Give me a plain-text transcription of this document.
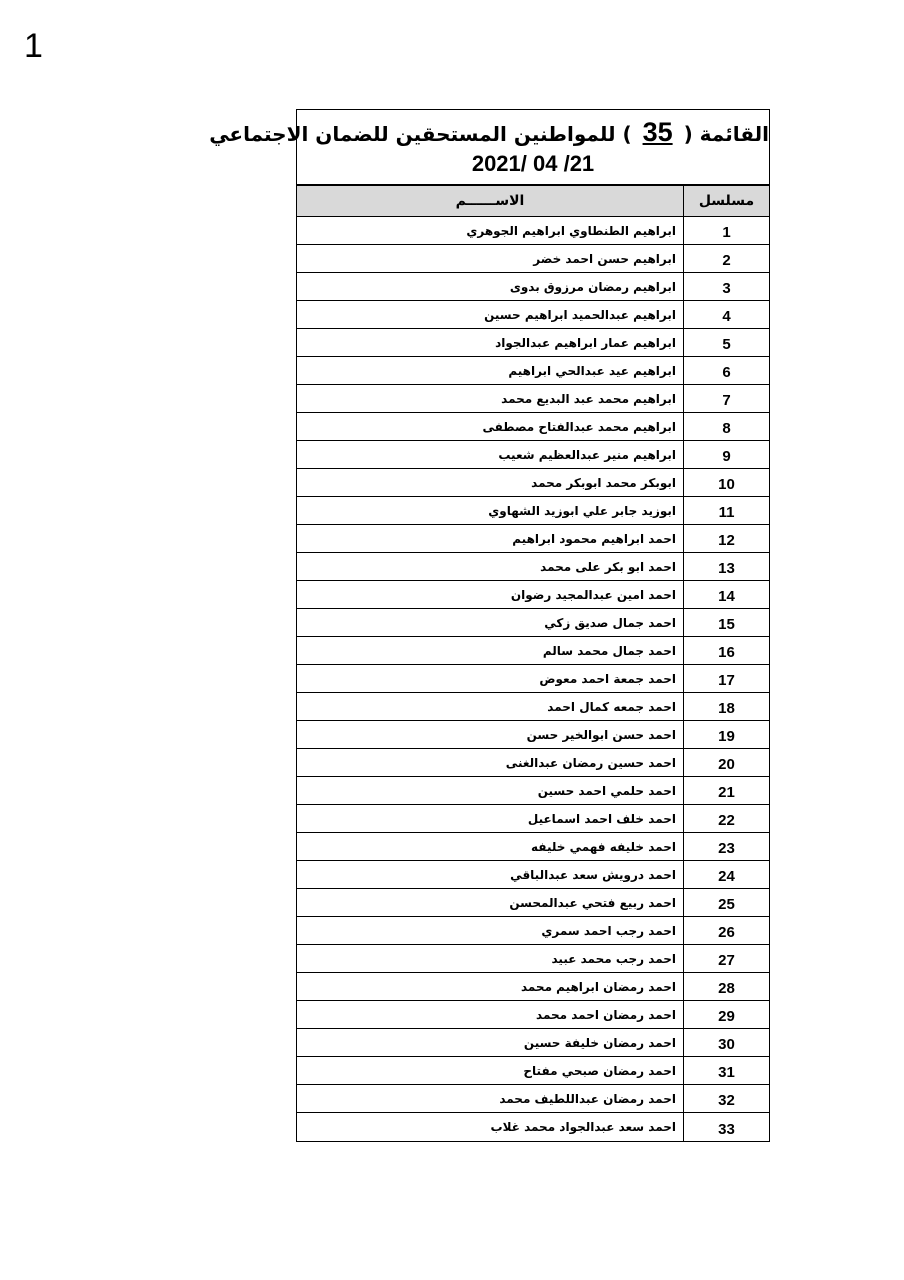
1
القائمة ( 35 ) للمواطنين المستحقين للضمان الاجتماعي
2021/ 04 /21
مسلسل
الاســــــم
1
ابراهيم الطنطاوي ابراهيم الجوهري
2
ابراهيم حسن احمد خضر
3
ابراهيم رمضان مرزوق بدوى
4
ابراهيم عبدالحميد ابراهيم حسين
5
ابراهيم عمار ابراهيم عبدالجواد
6
ابراهيم عيد عبدالحي ابراهيم
7
ابراهيم محمد عبد البديع محمد
8
ابراهيم محمد عبدالفتاح مصطفى
9
ابراهيم منير عبدالعظيم شعيب
10
ابوبكر محمد ابوبكر محمد
11
ابوزيد جابر علي ابوزيد الشهاوي
12
احمد ابراهيم محمود ابراهيم
13
احمد ابو بكر على محمد
14
احمد امين عبدالمجيد رضوان
15
احمد جمال صديق زكي
16
احمد جمال محمد سالم
17
احمد جمعة احمد معوض
18
احمد جمعه كمال احمد
19
احمد حسن ابوالخير حسن
20
احمد حسين رمضان عبدالغنى
21
احمد حلمي احمد حسين
22
احمد خلف احمد اسماعيل
23
احمد خليفه فهمي خليفه
24
احمد درويش سعد عبدالباقي
25
احمد ربيع فتحي عبدالمحسن
26
احمد رجب احمد سمري
27
احمد رجب محمد عبيد
28
احمد رمضان ابراهيم محمد
29
احمد رمضان احمد محمد
30
احمد رمضان خليفة حسين
31
احمد رمضان صبحي مفتاح
32
احمد رمضان عبداللطيف محمد
33
احمد سعد عبدالجواد محمد غلاب
